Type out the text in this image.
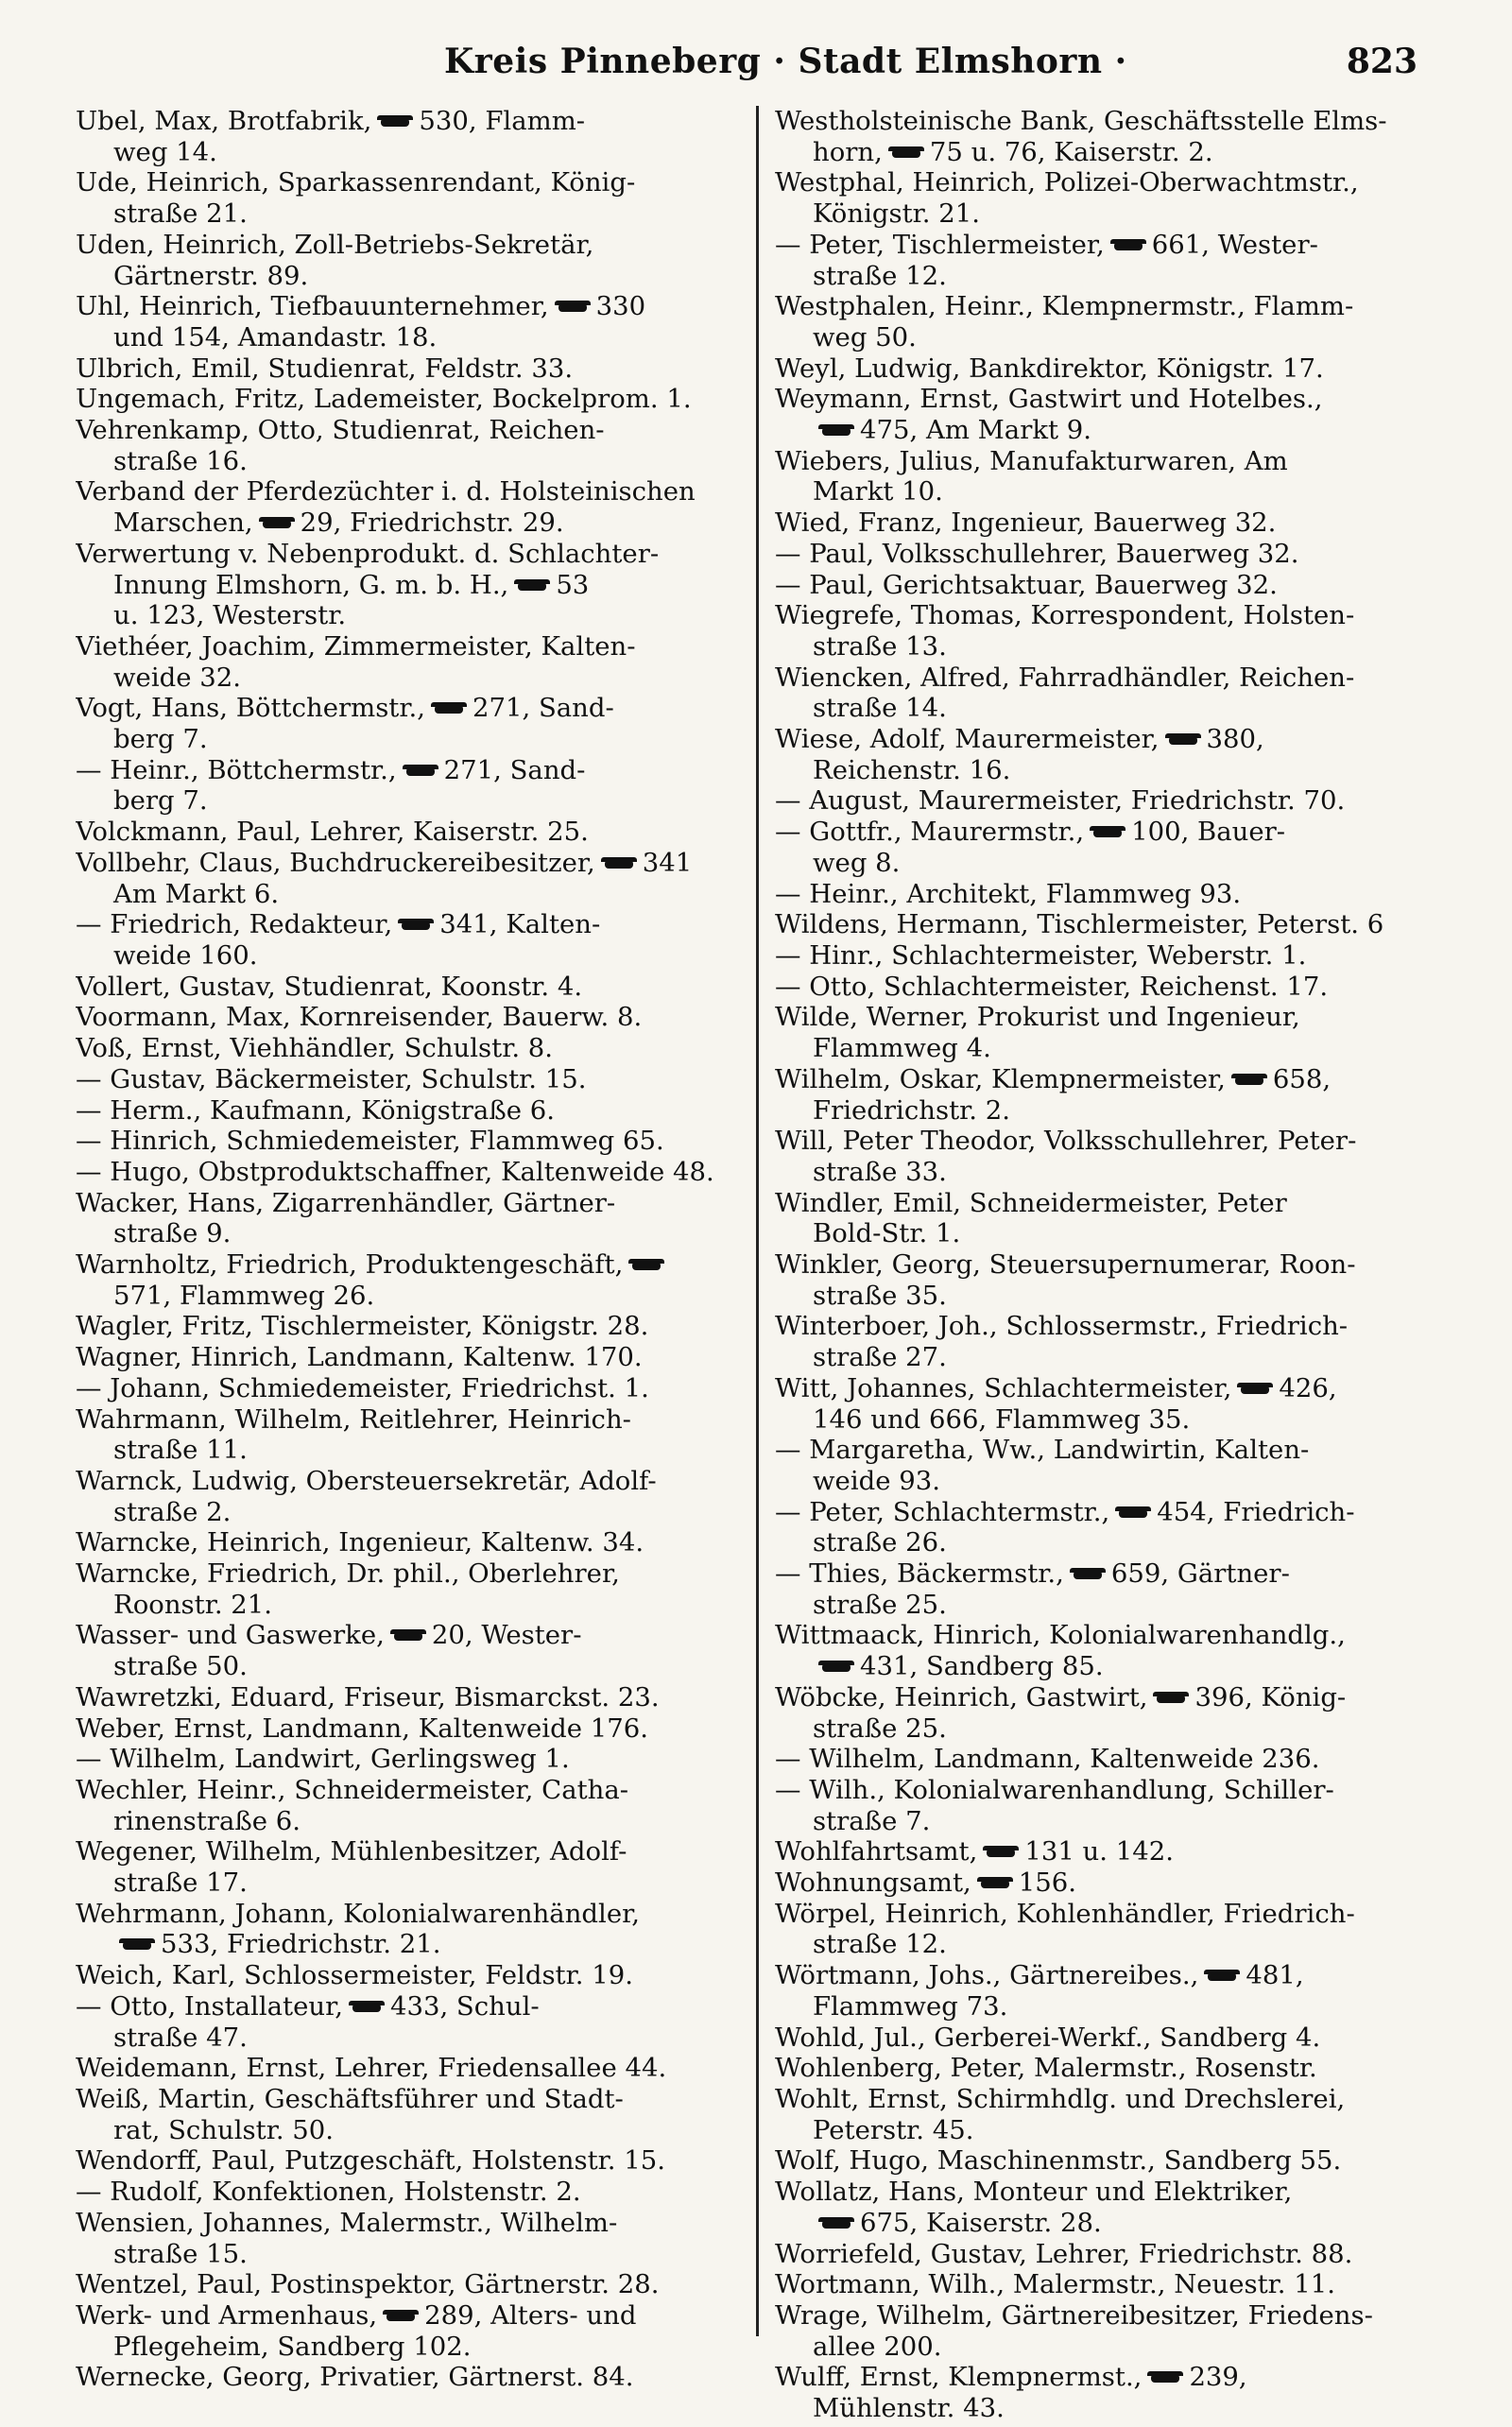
Kreis Pinneberg · Stadt Elmshorn ·	823
Ubel, Max, Brotfabrik, 530, Flamm-
weg 14.
Ude, Heinrich, Sparkassenrendant, König-
straße 21.
Uden, Heinrich, Zoll-Betriebs-Sekretär,
Gärtnerstr. 89.
Uhl, Heinrich, Tiefbauunternehmer, 330
und 154, Amandastr. 18.
Ulbrich, Emil, Studienrat, Feldstr. 33.
Ungemach, Fritz, Lademeister, Bockelprom. 1.
Vehrenkamp, Otto, Studienrat, Reichen-
straße 16.
Verband der Pferdezüchter i. d. Holsteinischen
Marschen, 29, Friedrichstr. 29.
Verwertung v. Nebenprodukt. d. Schlachter-
Innung Elmshorn, G. m. b. H., 53
u. 123, Westerstr.
Viethéer, Joachim, Zimmermeister, Kalten-
weide 32.
Vogt, Hans, Böttchermstr., 271, Sand-
berg 7.
— Heinr., Böttchermstr., 271, Sand-
berg 7.
Volckmann, Paul, Lehrer, Kaiserstr. 25.
Vollbehr, Claus, Buchdruckereibesitzer, 341
Am Markt 6.
— Friedrich, Redakteur, 341, Kalten-
weide 160.
Vollert, Gustav, Studienrat, Koonstr. 4.
Voormann, Max, Kornreisender, Bauerw. 8.
Voß, Ernst, Viehhändler, Schulstr. 8.
— Gustav, Bäckermeister, Schulstr. 15.
— Herm., Kaufmann, Königstraße 6.
— Hinrich, Schmiedemeister, Flammweg 65.
— Hugo, Obstproduktschaffner, Kaltenweide 48.
Wacker, Hans, Zigarrenhändler, Gärtner-
straße 9.
Warnholtz, Friedrich, Produktengeschäft,
571, Flammweg 26.
Wagler, Fritz, Tischlermeister, Königstr. 28.
Wagner, Hinrich, Landmann, Kaltenw. 170.
— Johann, Schmiedemeister, Friedrichst. 1.
Wahrmann, Wilhelm, Reitlehrer, Heinrich-
straße 11.
Warnck, Ludwig, Obersteuersekretär, Adolf-
straße 2.
Warncke, Heinrich, Ingenieur, Kaltenw. 34.
Warncke, Friedrich, Dr. phil., Oberlehrer,
Roonstr. 21.
Wasser- und Gaswerke, 20, Wester-
straße 50.
Wawretzki, Eduard, Friseur, Bismarckst. 23.
Weber, Ernst, Landmann, Kaltenweide 176.
— Wilhelm, Landwirt, Gerlingsweg 1.
Wechler, Heinr., Schneidermeister, Catha-
rinenstraße 6.
Wegener, Wilhelm, Mühlenbesitzer, Adolf-
straße 17.
Wehrmann, Johann, Kolonialwarenhändler,
533, Friedrichstr. 21.
Weich, Karl, Schlossermeister, Feldstr. 19.
— Otto, Installateur, 433, Schul-
straße 47.
Weidemann, Ernst, Lehrer, Friedensallee 44.
Weiß, Martin, Geschäftsführer und Stadt-
rat, Schulstr. 50.
Wendorff, Paul, Putzgeschäft, Holstenstr. 15.
— Rudolf, Konfektionen, Holstenstr. 2.
Wensien, Johannes, Malermstr., Wilhelm-
straße 15.
Wentzel, Paul, Postinspektor, Gärtnerstr. 28.
Werk- und Armenhaus, 289, Alters- und
Pflegeheim, Sandberg 102.
Wernecke, Georg, Privatier, Gärtnerst. 84.
Westholsteinische Bank, Geschäftsstelle Elms-
horn, 75 u. 76, Kaiserstr. 2.
Westphal, Heinrich, Polizei-Oberwachtmstr.,
Königstr. 21.
— Peter, Tischlermeister, 661, Wester-
straße 12.
Westphalen, Heinr., Klempnermstr., Flamm-
weg 50.
Weyl, Ludwig, Bankdirektor, Königstr. 17.
Weymann, Ernst, Gastwirt und Hotelbes.,
475, Am Markt 9.
Wiebers, Julius, Manufakturwaren, Am
Markt 10.
Wied, Franz, Ingenieur, Bauerweg 32.
— Paul, Volksschullehrer, Bauerweg 32.
— Paul, Gerichtsaktuar, Bauerweg 32.
Wiegrefe, Thomas, Korrespondent, Holsten-
straße 13.
Wiencken, Alfred, Fahrradhändler, Reichen-
straße 14.
Wiese, Adolf, Maurermeister, 380,
Reichenstr. 16.
— August, Maurermeister, Friedrichstr. 70.
— Gottfr., Maurermstr., 100, Bauer-
weg 8.
— Heinr., Architekt, Flammweg 93.
Wildens, Hermann, Tischlermeister, Peterst. 6
— Hinr., Schlachtermeister, Weberstr. 1.
— Otto, Schlachtermeister, Reichenst. 17.
Wilde, Werner, Prokurist und Ingenieur,
Flammweg 4.
Wilhelm, Oskar, Klempnermeister, 658,
Friedrichstr. 2.
Will, Peter Theodor, Volksschullehrer, Peter-
straße 33.
Windler, Emil, Schneidermeister, Peter
Bold-Str. 1.
Winkler, Georg, Steuersupernumerar, Roon-
straße 35.
Winterboer, Joh., Schlossermstr., Friedrich-
straße 27.
Witt, Johannes, Schlachtermeister, 426,
146 und 666, Flammweg 35.
— Margaretha, Ww., Landwirtin, Kalten-
weide 93.
— Peter, Schlachtermstr., 454, Friedrich-
straße 26.
— Thies, Bäckermstr., 659, Gärtner-
straße 25.
Wittmaack, Hinrich, Kolonialwarenhandlg.,
431, Sandberg 85.
Wöbcke, Heinrich, Gastwirt, 396, König-
straße 25.
— Wilhelm, Landmann, Kaltenweide 236.
— Wilh., Kolonialwarenhandlung, Schiller-
straße 7.
Wohlfahrtsamt, 131 u. 142.
Wohnungsamt, 156.
Wörpel, Heinrich, Kohlenhändler, Friedrich-
straße 12.
Wörtmann, Johs., Gärtnereibes., 481,
Flammweg 73.
Wohld, Jul., Gerberei-Werkf., Sandberg 4.
Wohlenberg, Peter, Malermstr., Rosenstr.
Wohlt, Ernst, Schirmhdlg. und Drechslerei,
Peterstr. 45.
Wolf, Hugo, Maschinenmstr., Sandberg 55.
Wollatz, Hans, Monteur und Elektriker,
675, Kaiserstr. 28.
Worriefeld, Gustav, Lehrer, Friedrichstr. 88.
Wortmann, Wilh., Malermstr., Neuestr. 11.
Wrage, Wilhelm, Gärtnereibesitzer, Friedens-
allee 200.
Wulff, Ernst, Klempnermst., 239,
Mühlenstr. 43.
